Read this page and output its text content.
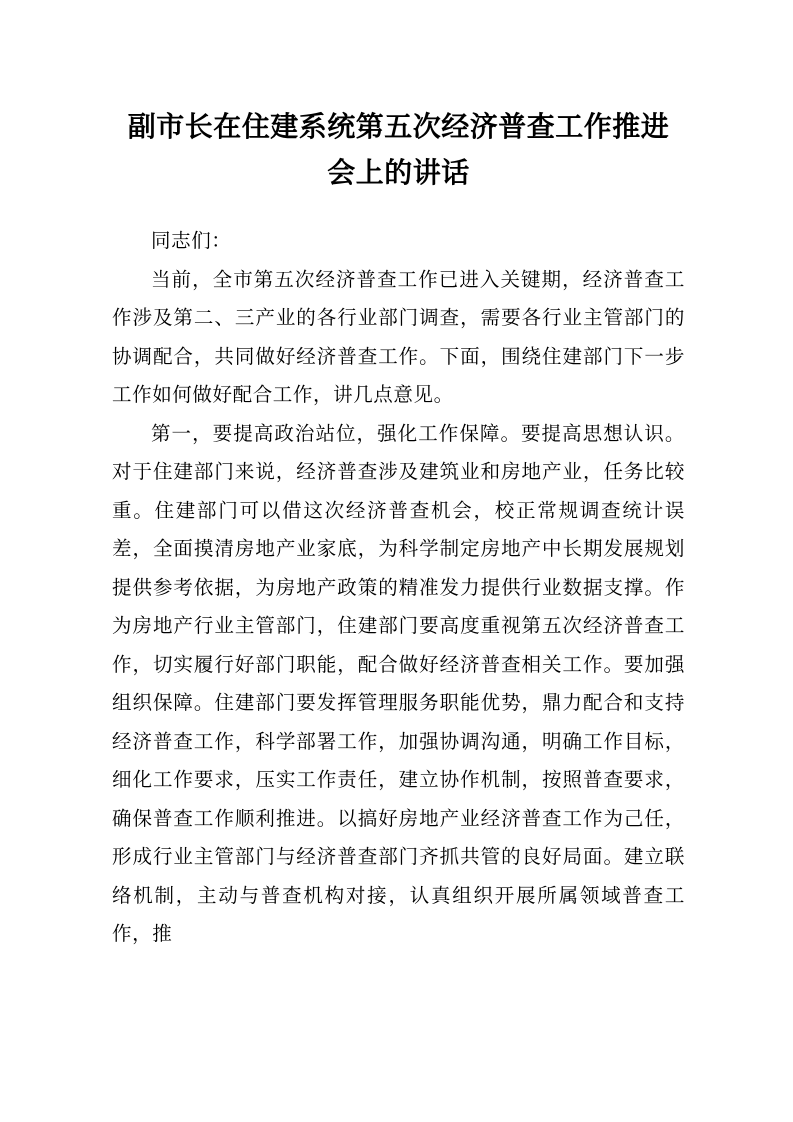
副市长在住建系统第五次经济普查工作推进会上的讲话

同志们：

当前，全市第五次经济普查工作已进入关键期，经济普查工作涉及第二、三产业的各行业部门调查，需要各行业主管部门的协调配合，共同做好经济普查工作。下面，围绕住建部门下一步工作如何做好配合工作，讲几点意见。

第一，要提高政治站位，强化工作保障。要提高思想认识。对于住建部门来说，经济普查涉及建筑业和房地产业，任务比较重。住建部门可以借这次经济普查机会，校正常规调查统计误差，全面摸清房地产业家底，为科学制定房地产中长期发展规划提供参考依据，为房地产政策的精准发力提供行业数据支撑。作为房地产行业主管部门，住建部门要高度重视第五次经济普查工作，切实履行好部门职能，配合做好经济普查相关工作。要加强组织保障。住建部门要发挥管理服务职能优势，鼎力配合和支持经济普查工作，科学部署工作，加强协调沟通，明确工作目标，细化工作要求，压实工作责任，建立协作机制，按照普查要求，确保普查工作顺利推进。以搞好房地产业经济普查工作为己任，形成行业主管部门与经济普查部门齐抓共管的良好局面。建立联络机制，主动与普查机构对接，认真组织开展所属领域普查工作，推
